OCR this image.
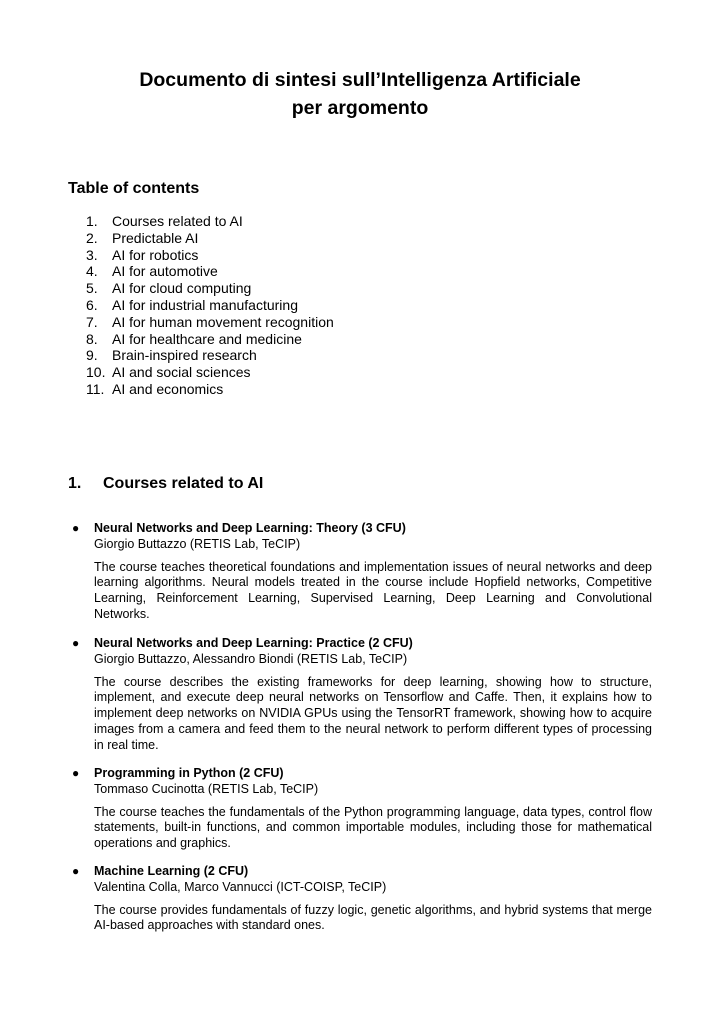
Documento di sintesi sull’Intelligenza Artificiale
per argomento
Table of contents
1.	Courses related to AI
2.	Predictable AI
3.	AI for robotics
4.	AI for automotive
5.	AI for cloud computing
6.	AI for industrial manufacturing
7.	AI for human movement recognition
8.	AI for healthcare and medicine
9.	Brain-inspired research
10. AI and social sciences
11. AI and economics
1.	Courses related to AI
●	Neural Networks and Deep Learning: Theory (3 CFU)
Giorgio Buttazzo (RETIS Lab, TeCIP)
The course teaches theoretical foundations and implementation issues of neural networks and deep learning algorithms. Neural models treated in the course include Hopfield networks, Competitive Learning, Reinforcement Learning, Supervised Learning, Deep Learning and Convolutional Networks.
●	Neural Networks and Deep Learning: Practice (2 CFU)
Giorgio Buttazzo, Alessandro Biondi (RETIS Lab, TeCIP)
The course describes the existing frameworks for deep learning, showing how to structure, implement, and execute deep neural networks on Tensorflow and Caffe. Then, it explains how to implement deep networks on NVIDIA GPUs using the TensorRT framework, showing how to acquire images from a camera and feed them to the neural network to perform different types of processing in real time.
●	Programming in Python (2 CFU)
Tommaso Cucinotta (RETIS Lab, TeCIP)
The course teaches the fundamentals of the Python programming language, data types, control flow statements, built-in functions, and common importable modules, including those for mathematical operations and graphics.
●	Machine Learning (2 CFU)
Valentina Colla, Marco Vannucci (ICT-COISP, TeCIP)
The course provides fundamentals of fuzzy logic, genetic algorithms, and hybrid systems that merge AI-based approaches with standard ones.
